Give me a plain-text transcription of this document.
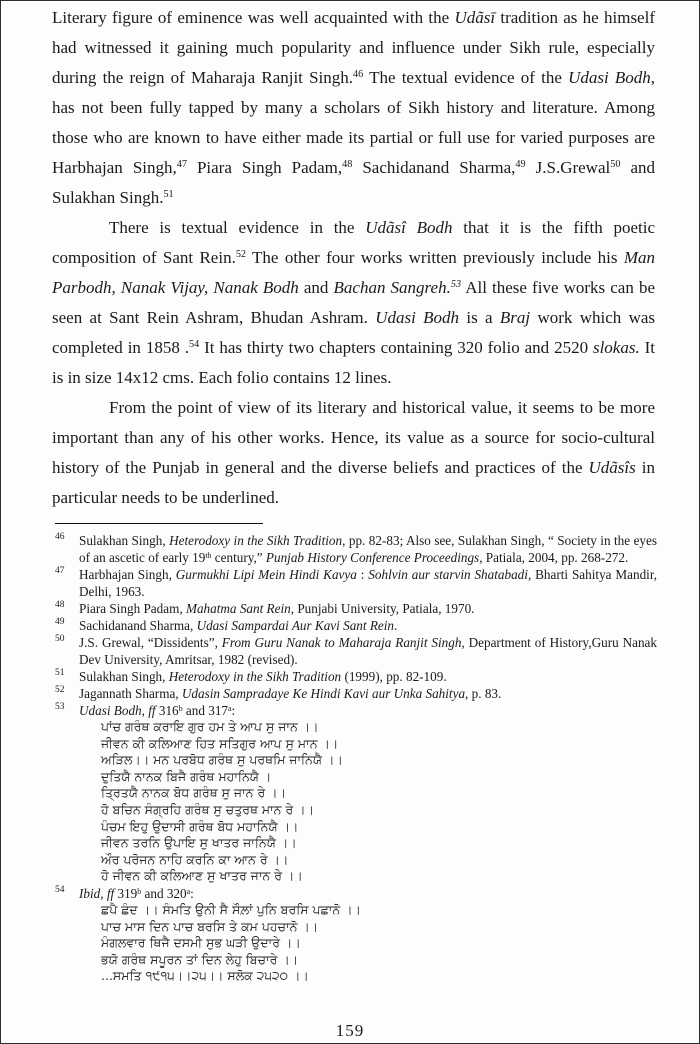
Literary figure of eminence was well acquainted with the Udãsī tradition as he himself had witnessed it gaining much popularity and influence under Sikh rule, especially during the reign of Maharaja Ranjit Singh.$^{46}$ The textual evidence of the Udasi Bodh, has not been fully tapped by many a scholars of Sikh history and literature. Among those who are known to have either made its partial or full use for varied purposes are Harbhajan Singh,$^{47}$ Piara Singh Padam,$^{48}$ Sachidanand Sharma,$^{49}$ J.S.Grewal$^{50}$ and Sulakhan Singh.$^{51}$

There is textual evidence in the Udãsî Bodh that it is the fifth poetic composition of Sant Rein.$^{52}$ The other four works written previously include his Man Parbodh, Nanak Vijay, Nanak Bodh and Bachan Sangreh.$^{53}$ All these five works can be seen at Sant Rein Ashram, Bhudan Ashram. Udasi Bodh is a Braj work which was completed in 1858 .$^{54}$ It has thirty two chapters containing 320 folio and 2520 slokas. It is in size 14x12 cms. Each folio contains 12 lines.

From the point of view of its literary and historical value, it seems to be more important than any of his other works. Hence, its value as a source for socio-cultural history of the Punjab in general and the diverse beliefs and practices of the Udãsîs in particular needs to be underlined.

46 Sulakhan Singh, Heterodoxy in the Sikh Tradition, pp. 82-83; Also see, Sulakhan Singh, “ Society in the eyes of an ascetic of early 19th century,” Punjab History Conference Proceedings, Patiala, 2004, pp. 268-272.
47 Harbhajan Singh, Gurmukhi Lipi Mein Hindi Kavya : Sohlvin aur starvin Shatabadi, Bharti Sahitya Mandir, Delhi, 1963.
48 Piara Singh Padam, Mahatma Sant Rein, Punjabi University, Patiala, 1970.
49 Sachidanand Sharma, Udasi Sampardai Aur Kavi Sant Rein.
50 J.S. Grewal, “Dissidents”, From Guru Nanak to Maharaja Ranjit Singh, Department of History,Guru Nanak Dev University, Amritsar, 1982 (revised).
51 Sulakhan Singh, Heterodoxy in the Sikh Tradition (1999), pp. 82-109.
52 Jagannath Sharma, Udasin Sampradaye Ke Hindi Kavi aur Unka Sahitya, p. 83.
53 Udasi Bodh, ff 316$^b$ and 317$^a$:
ਪਾਂਚ ਗਰੰਥ ਕਰਾਇ ਗੁਰ ਹਮ ਤੇ ਆਪ ਸੁ ਜਾਨ ।।
ਜੀਵਨ ਕੀ ਕਲਿਆਣ ਹਿਤ ਸਤਿਗੁਰ ਆਪ ਸੁ ਮਾਨ ।।
ਅੜਿਲ।। ਮਨ ਪਰਬੋਧ ਗਰੰਥ ਸੁ ਪਰਥਮਿ ਜਾਨਿਯੈ ।।
ਦੁਤਿਯੈ ਨਾਨਕ ਬਿਜੈ ਗਰੰਥ ਮਹਾਨਿਯੈ ।
ਤ੍ਰਿਤਯੈ ਨਾਨਕ ਬੋਧ ਗਰੰਥ ਸੁ ਜਾਨ ਰੇ ।।
ਹੋ ਬਚਿਨ ਸੰਗ੍ਰਹਿ ਗਰੰਥ ਸੁ ਚਤੁਰਥ ਮਾਨ ਰੇ ।।
ਪੰਚਮ ਇਹੁ ਉਦਾਸੀ ਗਰੰਥ ਬੋਧ ਮਹਾਨਿਯੈ ।।
ਜੀਵਨ ਤਰਨਿ ਉਪਾਇ ਸੁ ਖਾਤਰ ਜਾਨਿਯੈ ।।
ਔਰ ਪਰੋਜਨ ਨਾਹਿ ਕਰਨਿ ਕਾ ਆਨ ਰੇ ।।
ਹੋ ਜੀਵਨ ਕੀ ਕਲਿਆਣ ਸੁ ਖਾਤਰ ਜਾਨ ਰੇ ।।
54 Ibid, ff 319$^b$ and 320$^a$:
ਛਪੈ ਛੰਦ ।। ਸੰਮਤਿ ਉਨੀ ਸੈ ਸੌਲ਼ਾਂ ਪੁਨਿ ਬਰਸਿ ਪਛਾਨੋ ।।
ਪਾਚ ਮਾਸ ਦਿਨ ਪਾਚ ਬਰਸਿ ਤੇ ਕਮ ਪਹਚਾਨੋ ।।
ਮੰਗਲਵਾਰ ਥਿਜੈ ਦਸਮੀ ਸੁਭ ਘੜੀ ਉਦਾਰੇ ।।
ਭਯੋ ਗਰੰਥ ਸਪੂਰਨ ਤਾਂ ਦਿਨ ਲੇਹੁ ਬਿਚਾਰੇ ।।
...ਸਮਤਿ ੧੯੧੫।।੨੫।। ਸਲੋਕ ੨੫੨੦ ।।
159
